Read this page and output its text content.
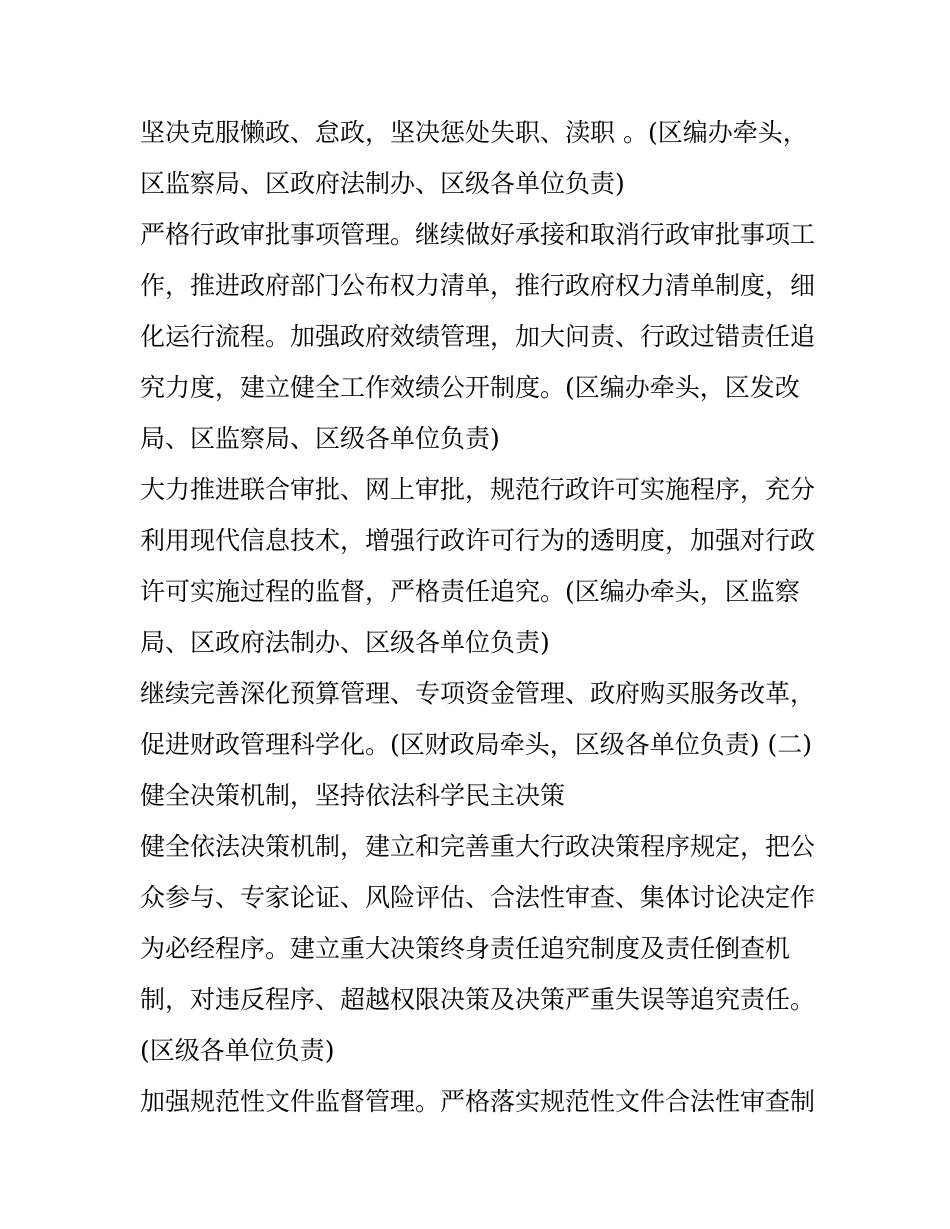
坚决克服懒政、怠政，坚决惩处失职、渎职 。(区编办牵头，
区监察局、区政府法制办、区级各单位负责)
严格行政审批事项管理。继续做好承接和取消行政审批事项工
作，推进政府部门公布权力清单，推行政府权力清单制度，细
化运行流程。加强政府效绩管理，加大问责、行政过错责任追
究力度，建立健全工作效绩公开制度。(区编办牵头，区发改
局、区监察局、区级各单位负责)
大力推进联合审批、网上审批，规范行政许可实施程序，充分
利用现代信息技术，增强行政许可行为的透明度，加强对行政
许可实施过程的监督，严格责任追究。(区编办牵头，区监察
局、区政府法制办、区级各单位负责)
继续完善深化预算管理、专项资金管理、政府购买服务改革，
促进财政管理科学化。(区财政局牵头，区级各单位负责) (二)
健全决策机制，坚持依法科学民主决策
健全依法决策机制，建立和完善重大行政决策程序规定，把公
众参与、专家论证、风险评估、合法性审查、集体讨论决定作
为必经程序。建立重大决策终身责任追究制度及责任倒查机
制，对违反程序、超越权限决策及决策严重失误等追究责任。
(区级各单位负责)
加强规范性文件监督管理。严格落实规范性文件合法性审查制
